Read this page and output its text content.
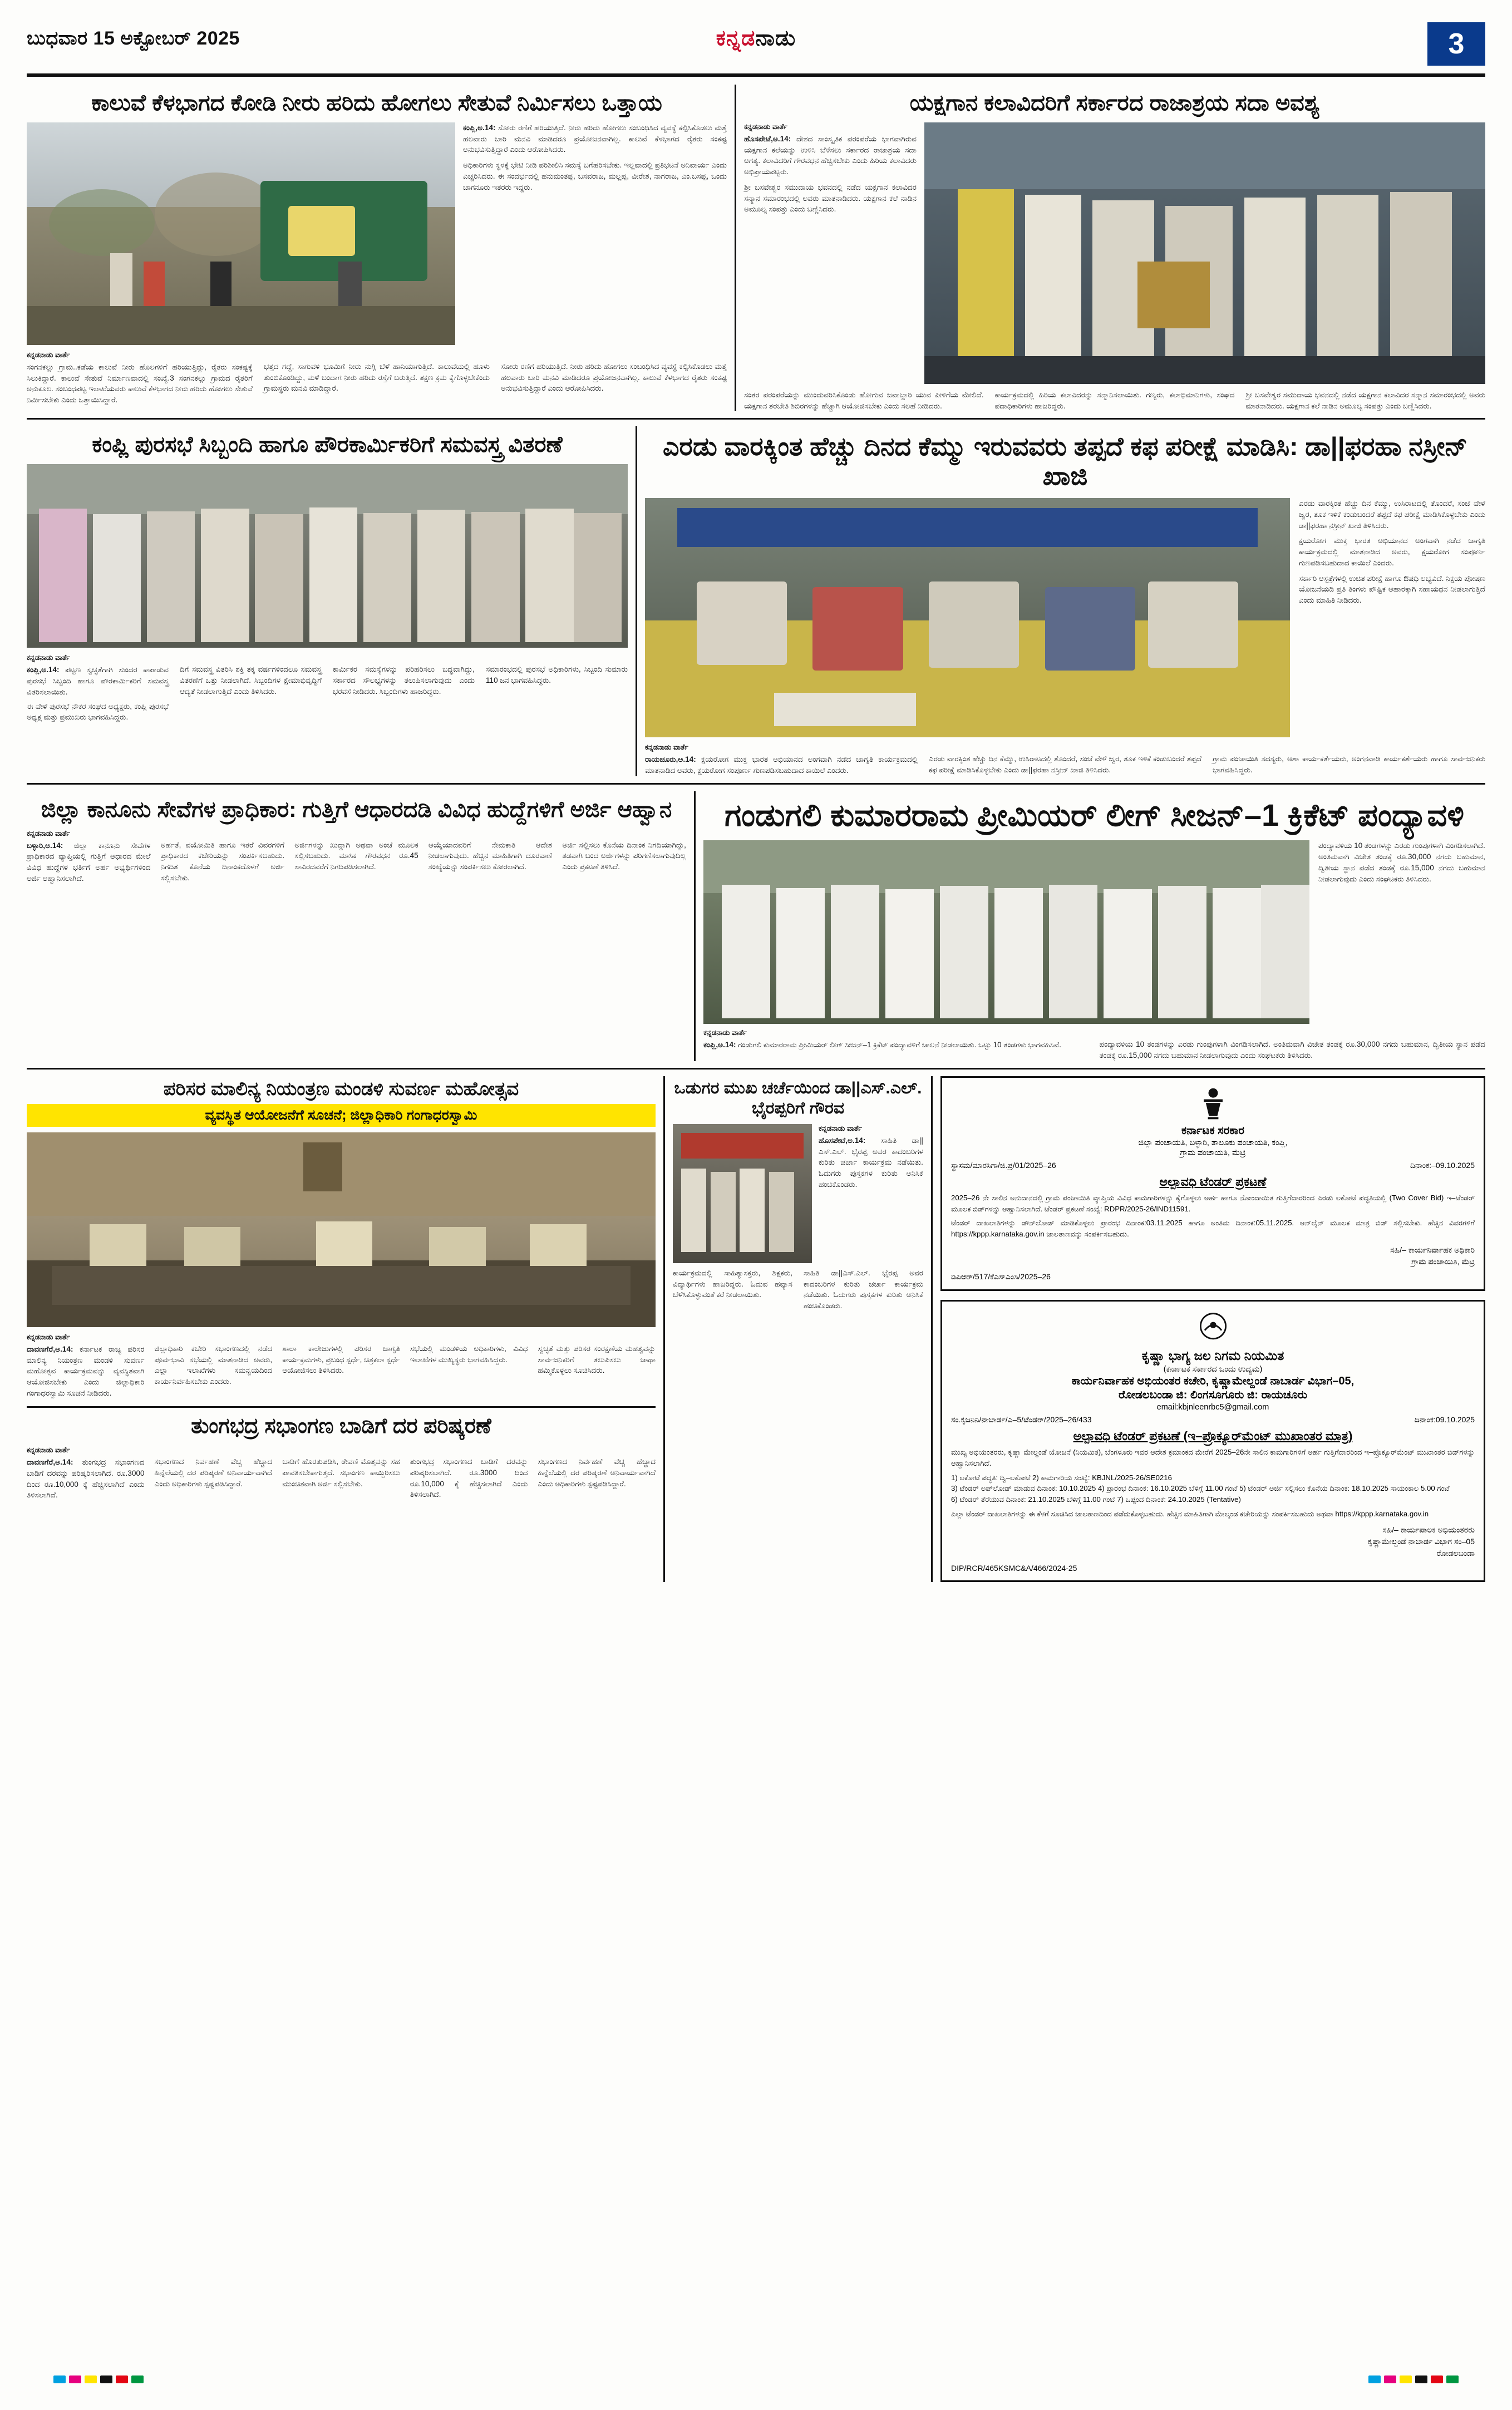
ಬುಧವಾರ 15 ಅಕ್ಟೋಬರ್ 2025	ಕನ್ನಡನಾಡು	3
ಕಾಲುವೆ ಕೆಳಭಾಗದ ಕೋಡಿ ನೀರು ಹರಿದು ಹೋಗಲು ಸೇತುವೆ ನಿರ್ಮಿಸಲು ಒತ್ತಾಯ
ಕಂಪ್ಲಿ,ಅ.14: ಸೋರು ರಣಿಗೆ ಹರಿಯುತ್ತಿದೆ. ನೀರು ಹರಿದು ಹೋಗಲು ಸಂಬಂಧಿಸಿದ ವ್ಯವಸ್ಥೆ ಕಲ್ಪಿಸಿಕೊಡಲು ಮತ್ತೆ ಹಲವಾರು ಬಾರಿ ಮನವಿ ಮಾಡಿದರೂ ಪ್ರಯೋಜನವಾಗಿಲ್ಲ. ಕಾಲುವೆ ಕೆಳಭಾಗದ ರೈತರು ಸಂಕಷ್ಟ ಅನುಭವಿಸುತ್ತಿದ್ದಾರೆ ಎಂದು ಆರೋಪಿಸಿದರು.
ಅಧಿಕಾರಿಗಳು ಸ್ಥಳಕ್ಕೆ ಭೇಟಿ ನೀಡಿ ಪರಿಶೀಲಿಸಿ ಸಮಸ್ಯೆ ಬಗೆಹರಿಸಬೇಕು. ಇಲ್ಲವಾದಲ್ಲಿ ಪ್ರತಿಭಟನೆ ಅನಿವಾರ್ಯ ಎಂದು ಎಚ್ಚರಿಸಿದರು. ಈ ಸಂದರ್ಭದಲ್ಲಿ ಹನುಮಂತಪ್ಪ, ಬಸವರಾಜ, ಮಲ್ಲಪ್ಪ, ವೀರೇಶ, ನಾಗರಾಜ, ಎಂ.ಬಸಪ್ಪ, ಒಂದು ಚಾಗನೂರು ಇತರರು ಇದ್ದರು.
ಕನ್ನಡನಾಡು ವಾರ್ತೆ
ಸಂಗನಕಲ್ಲು ಗ್ರಾಮ..ಕಡೆಯ ಕಾಲುವೆ ನೀರು ಹೊಲಗಳಿಗೆ ಹರಿಯುತ್ತಿದ್ದು, ರೈತರು ಸಂಕಷ್ಟಕ್ಕೆ ಸಿಲುಕಿದ್ದಾರೆ. ಕಾಲುವೆ ಸೇತುವೆ ನಿರ್ಮಾಣವಾದಲ್ಲಿ ಸಂಖ್ಯೆ.3 ಸಂಗನಕಲ್ಲು ಗ್ರಾಮದ ರೈತರಿಗೆ ಅನುಕೂಲ. ಸಂಬಂಧಪಟ್ಟ ಇಲಾಖೆಯವರು ಕಾಲುವೆ ಕೆಳಭಾಗದ ನೀರು ಹರಿದು ಹೋಗಲು ಸೇತುವೆ ನಿರ್ಮಿಸಬೇಕು ಎಂದು ಒತ್ತಾಯಿಸಿದ್ದಾರೆ.
ಭತ್ತದ ಗದ್ದೆ, ಸಾಗುವಳಿ ಭೂಮಿಗೆ ನೀರು ನುಗ್ಗಿ ಬೆಳೆ ಹಾನಿಯಾಗುತ್ತಿದೆ. ಕಾಲುವೆಯಲ್ಲಿ ಹೂಳು ತುಂಬಿಕೊಂಡಿದ್ದು, ಮಳೆ ಬಂದಾಗ ನೀರು ಹರಿದು ರಸ್ತೆಗೆ ಬರುತ್ತಿದೆ. ತಕ್ಷಣ ಕ್ರಮ ಕೈಗೊಳ್ಳಬೇಕೆಂದು ಗ್ರಾಮಸ್ಥರು ಮನವಿ ಮಾಡಿದ್ದಾರೆ.
ಸೋರು ರಣಿಗೆ ಹರಿಯುತ್ತಿದೆ. ನೀರು ಹರಿದು ಹೋಗಲು ಸಂಬಂಧಿಸಿದ ವ್ಯವಸ್ಥೆ ಕಲ್ಪಿಸಿಕೊಡಲು ಮತ್ತೆ ಹಲವಾರು ಬಾರಿ ಮನವಿ ಮಾಡಿದರೂ ಪ್ರಯೋಜನವಾಗಿಲ್ಲ. ಕಾಲುವೆ ಕೆಳಭಾಗದ ರೈತರು ಸಂಕಷ್ಟ ಅನುಭವಿಸುತ್ತಿದ್ದಾರೆ ಎಂದು ಆರೋಪಿಸಿದರು.
ಯಕ್ಷಗಾನ ಕಲಾವಿದರಿಗೆ ಸರ್ಕಾರದ ರಾಜಾಶ್ರಯ ಸದಾ ಅವಶ್ಯ
ಕನ್ನಡನಾಡು ವಾರ್ತೆ
ಹೊಸಪೇಟೆ,ಅ.14: ದೇಶದ ಸಾಂಸ್ಕೃತಿಕ ಪರಂಪರೆಯ ಭಾಗವಾಗಿರುವ ಯಕ್ಷಗಾನ ಕಲೆಯನ್ನು ಉಳಿಸಿ ಬೆಳೆಸಲು ಸರ್ಕಾರದ ರಾಜಾಶ್ರಯ ಸದಾ ಅಗತ್ಯ. ಕಲಾವಿದರಿಗೆ ಗೌರವಧನ ಹೆಚ್ಚಿಸಬೇಕು ಎಂದು ಹಿರಿಯ ಕಲಾವಿದರು ಅಭಿಪ್ರಾಯಪಟ್ಟರು.
ಶ್ರೀ ಬಸವೇಶ್ವರ ಸಮುದಾಯ ಭವನದಲ್ಲಿ ನಡೆದ ಯಕ್ಷಗಾನ ಕಲಾವಿದರ ಸನ್ಮಾನ ಸಮಾರಂಭದಲ್ಲಿ ಅವರು ಮಾತನಾಡಿದರು. ಯಕ್ಷಗಾನ ಕಲೆ ನಾಡಿನ ಅಮೂಲ್ಯ ಸಂಪತ್ತು ಎಂದು ಬಣ್ಣಿಸಿದರು.
ಸಂತರ ಪರಂಪರೆಯನ್ನು ಮುಂದುವರಿಸಿಕೊಂಡು ಹೋಗುವ ಜವಾಬ್ದಾರಿ ಯುವ ಪೀಳಿಗೆಯ ಮೇಲಿದೆ. ಯಕ್ಷಗಾನ ತರಬೇತಿ ಶಿಬಿರಗಳನ್ನು ಹೆಚ್ಚಾಗಿ ಆಯೋಜಿಸಬೇಕು ಎಂದು ಸಲಹೆ ನೀಡಿದರು.
ಕಾರ್ಯಕ್ರಮದಲ್ಲಿ ಹಿರಿಯ ಕಲಾವಿದರನ್ನು ಸನ್ಮಾನಿಸಲಾಯಿತು. ಗಣ್ಯರು, ಕಲಾಭಿಮಾನಿಗಳು, ಸಂಘದ ಪದಾಧಿಕಾರಿಗಳು ಹಾಜರಿದ್ದರು.
ಶ್ರೀ ಬಸವೇಶ್ವರ ಸಮುದಾಯ ಭವನದಲ್ಲಿ ನಡೆದ ಯಕ್ಷಗಾನ ಕಲಾವಿದರ ಸನ್ಮಾನ ಸಮಾರಂಭದಲ್ಲಿ ಅವರು ಮಾತನಾಡಿದರು. ಯಕ್ಷಗಾನ ಕಲೆ ನಾಡಿನ ಅಮೂಲ್ಯ ಸಂಪತ್ತು ಎಂದು ಬಣ್ಣಿಸಿದರು.
ಕಂಪ್ಲಿ ಪುರಸಭೆ ಸಿಬ್ಬಂದಿ ಹಾಗೂ ಪೌರಕಾರ್ಮಿಕರಿಗೆ ಸಮವಸ್ತ್ರ ವಿತರಣೆ
ಕನ್ನಡನಾಡು ವಾರ್ತೆ
ಕಂಪ್ಲಿ,ಅ.14: ಪಟ್ಟಣ ಸ್ವಚ್ಛತೆಗಾಗಿ ಸುಂದರ ಕಾಪಾಡುವ ಪುರಸಭೆ ಸಿಬ್ಬಂದಿ ಹಾಗೂ ಪೌರಕಾರ್ಮಿಕರಿಗೆ ಸಮವಸ್ತ್ರ ವಿತರಿಸಲಾಯಿತು.
ಈ ವೇಳೆ ಪುರಸಭೆ ನೌಕರ ಸಂಘದ ಅಧ್ಯಕ್ಷರು, ಕಂಪ್ಲಿ ಪುರಸಭೆ ಅಧ್ಯಕ್ಷ ಮತ್ತು ಪ್ರಮುಖರು ಭಾಗವಹಿಸಿದ್ದರು.
ದಿಗೆ ಸಮವಸ್ತ್ರ ವಿತರಿಸಿ ಶಕ್ತಿ ತಕ್ಕ ವರ್ಷಗಳಿಂದಲೂ ಸಮವಸ್ತ್ರ ವಿತರಣೆಗೆ ಒತ್ತು ನೀಡಲಾಗಿದೆ. ಸಿಬ್ಬಂದಿಗಳ ಕ್ಷೇಮಾಭಿವೃದ್ಧಿಗೆ ಆದ್ಯತೆ ನೀಡಲಾಗುತ್ತಿದೆ ಎಂದು ತಿಳಿಸಿದರು.
ಕಾರ್ಮಿಕರ ಸಮಸ್ಯೆಗಳನ್ನು ಪರಿಹರಿಸಲು ಬದ್ಧವಾಗಿದ್ದು, ಸರ್ಕಾರದ ಸೌಲಭ್ಯಗಳನ್ನು ತಲುಪಿಸಲಾಗುವುದು ಎಂದು ಭರವಸೆ ನೀಡಿದರು. ಸಿಬ್ಬಂದಿಗಳು ಹಾಜರಿದ್ದರು.
ಸಮಾರಂಭದಲ್ಲಿ ಪುರಸಭೆ ಅಧಿಕಾರಿಗಳು, ಸಿಬ್ಬಂದಿ ಸುಮಾರು 110 ಜನ ಭಾಗವಹಿಸಿದ್ದರು.
ಎರಡು ವಾರಕ್ಕಿಂತ ಹೆಚ್ಚು ದಿನದ ಕೆಮ್ಮು ಇರುವವರು ತಪ್ಪದೆ ಕಫ ಪರೀಕ್ಷೆ ಮಾಡಿಸಿ: ಡಾ||ಫರಹಾ ನಸ್ರೀನ್ ಖಾಜಿ
ಎರಡು ವಾರಕ್ಕಿಂತ ಹೆಚ್ಚು ದಿನ ಕೆಮ್ಮು, ಉಸಿರಾಟದಲ್ಲಿ ತೊಂದರೆ, ಸಂಜೆ ವೇಳೆ ಜ್ವರ, ತೂಕ ಇಳಿಕೆ ಕಂಡುಬಂದರೆ ತಪ್ಪದೆ ಕಫ ಪರೀಕ್ಷೆ ಮಾಡಿಸಿಕೊಳ್ಳಬೇಕು ಎಂದು ಡಾ||ಫರಹಾ ನಸ್ರೀನ್ ಖಾಜಿ ತಿಳಿಸಿದರು.
ಕ್ಷಯರೋಗ ಮುಕ್ತ ಭಾರತ ಅಭಿಯಾನದ ಅಂಗವಾಗಿ ನಡೆದ ಜಾಗೃತಿ ಕಾರ್ಯಕ್ರಮದಲ್ಲಿ ಮಾತನಾಡಿದ ಅವರು, ಕ್ಷಯರೋಗ ಸಂಪೂರ್ಣ ಗುಣಪಡಿಸಬಹುದಾದ ಕಾಯಿಲೆ ಎಂದರು.
ಸರ್ಕಾರಿ ಆಸ್ಪತ್ರೆಗಳಲ್ಲಿ ಉಚಿತ ಪರೀಕ್ಷೆ ಹಾಗೂ ಔಷಧಿ ಲಭ್ಯವಿದೆ. ನಿಕ್ಷಯ ಪೋಷಣ ಯೋಜನೆಯಡಿ ಪ್ರತಿ ತಿಂಗಳು ಪೌಷ್ಟಿಕ ಆಹಾರಕ್ಕಾಗಿ ಸಹಾಯಧನ ನೀಡಲಾಗುತ್ತಿದೆ ಎಂದು ಮಾಹಿತಿ ನೀಡಿದರು.
ಕನ್ನಡನಾಡು ವಾರ್ತೆ
ರಾಯಚೂರು,ಅ.14: ಕ್ಷಯರೋಗ ಮುಕ್ತ ಭಾರತ ಅಭಿಯಾನದ ಅಂಗವಾಗಿ ನಡೆದ ಜಾಗೃತಿ ಕಾರ್ಯಕ್ರಮದಲ್ಲಿ ಮಾತನಾಡಿದ ಅವರು, ಕ್ಷಯರೋಗ ಸಂಪೂರ್ಣ ಗುಣಪಡಿಸಬಹುದಾದ ಕಾಯಿಲೆ ಎಂದರು.
ಎರಡು ವಾರಕ್ಕಿಂತ ಹೆಚ್ಚು ದಿನ ಕೆಮ್ಮು, ಉಸಿರಾಟದಲ್ಲಿ ತೊಂದರೆ, ಸಂಜೆ ವೇಳೆ ಜ್ವರ, ತೂಕ ಇಳಿಕೆ ಕಂಡುಬಂದರೆ ತಪ್ಪದೆ ಕಫ ಪರೀಕ್ಷೆ ಮಾಡಿಸಿಕೊಳ್ಳಬೇಕು ಎಂದು ಡಾ||ಫರಹಾ ನಸ್ರೀನ್ ಖಾಜಿ ತಿಳಿಸಿದರು.
ಗ್ರಾಮ ಪಂಚಾಯಿತಿ ಸದಸ್ಯರು, ಆಶಾ ಕಾರ್ಯಕರ್ತೆಯರು, ಅಂಗನವಾಡಿ ಕಾರ್ಯಕರ್ತೆಯರು ಹಾಗೂ ಸಾರ್ವಜನಿಕರು ಭಾಗವಹಿಸಿದ್ದರು.
ಜಿಲ್ಲಾ ಕಾನೂನು ಸೇವೆಗಳ ಪ್ರಾಧಿಕಾರ: ಗುತ್ತಿಗೆ ಆಧಾರದಡಿ ವಿವಿಧ ಹುದ್ದೆಗಳಿಗೆ ಅರ್ಜಿ ಆಹ್ವಾನ
ಕನ್ನಡನಾಡು ವಾರ್ತೆ
ಬಳ್ಳಾರಿ,ಅ.14: ಜಿಲ್ಲಾ ಕಾನೂನು ಸೇವೆಗಳ ಪ್ರಾಧಿಕಾರದ ವ್ಯಾಪ್ತಿಯಲ್ಲಿ ಗುತ್ತಿಗೆ ಆಧಾರದ ಮೇಲೆ ವಿವಿಧ ಹುದ್ದೆಗಳ ಭರ್ತಿಗೆ ಅರ್ಹ ಅಭ್ಯರ್ಥಿಗಳಿಂದ ಅರ್ಜಿ ಆಹ್ವಾನಿಸಲಾಗಿದೆ.
ಅರ್ಹತೆ, ವಯೋಮಿತಿ ಹಾಗೂ ಇತರೆ ವಿವರಗಳಿಗೆ ಪ್ರಾಧಿಕಾರದ ಕಚೇರಿಯನ್ನು ಸಂಪರ್ಕಿಸಬಹುದು. ನಿಗದಿತ ಕೊನೆಯ ದಿನಾಂಕದೊಳಗೆ ಅರ್ಜಿ ಸಲ್ಲಿಸಬೇಕು.
ಅರ್ಜಿಗಳನ್ನು ಖುದ್ದಾಗಿ ಅಥವಾ ಅಂಚೆ ಮೂಲಕ ಸಲ್ಲಿಸಬಹುದು. ಮಾಸಿಕ ಗೌರವಧನ ರೂ.45 ಸಾವಿರದವರೆಗೆ ನಿಗದಿಪಡಿಸಲಾಗಿದೆ.
ಆಯ್ಕೆಯಾದವರಿಗೆ ನೇಮಕಾತಿ ಆದೇಶ ನೀಡಲಾಗುವುದು. ಹೆಚ್ಚಿನ ಮಾಹಿತಿಗಾಗಿ ದೂರವಾಣಿ ಸಂಖ್ಯೆಯನ್ನು ಸಂಪರ್ಕಿಸಲು ಕೋರಲಾಗಿದೆ.
ಅರ್ಜಿ ಸಲ್ಲಿಸಲು ಕೊನೆಯ ದಿನಾಂಕ ನಿಗದಿಯಾಗಿದ್ದು, ತಡವಾಗಿ ಬಂದ ಅರ್ಜಿಗಳನ್ನು ಪರಿಗಣಿಸಲಾಗುವುದಿಲ್ಲ ಎಂದು ಪ್ರಕಟಣೆ ತಿಳಿಸಿದೆ.
ಗಂಡುಗಲಿ ಕುಮಾರರಾಮ ಪ್ರೀಮಿಯರ್ ಲೀಗ್ ಸೀಜನ್–1 ಕ್ರಿಕೆಟ್ ಪಂದ್ಯಾವಳಿ
ಪಂದ್ಯಾವಳಿಯ 10 ತಂಡಗಳನ್ನು ಎರಡು ಗುಂಪುಗಳಾಗಿ ವಿಂಗಡಿಸಲಾಗಿದೆ. ಅಂತಿಮವಾಗಿ ವಿಜೇತ ತಂಡಕ್ಕೆ ರೂ.30,000 ನಗದು ಬಹುಮಾನ, ದ್ವಿತೀಯ ಸ್ಥಾನ ಪಡೆದ ತಂಡಕ್ಕೆ ರೂ.15,000 ನಗದು ಬಹುಮಾನ ನೀಡಲಾಗುವುದು ಎಂದು ಸಂಘಟಕರು ತಿಳಿಸಿದರು.
ಕನ್ನಡನಾಡು ವಾರ್ತೆ
ಕಂಪ್ಲಿ,ಅ.14: ಗಂಡುಗಲಿ ಕುಮಾರರಾಮ ಪ್ರೀಮಿಯರ್ ಲೀಗ್ ಸೀಜನ್–1 ಕ್ರಿಕೆಟ್ ಪಂದ್ಯಾವಳಿಗೆ ಚಾಲನೆ ನೀಡಲಾಯಿತು. ಒಟ್ಟು 10 ತಂಡಗಳು ಭಾಗವಹಿಸಿವೆ.	ಪಂದ್ಯಾವಳಿಯ 10 ತಂಡಗಳನ್ನು ಎರಡು ಗುಂಪುಗಳಾಗಿ ವಿಂಗಡಿಸಲಾಗಿದೆ. ಅಂತಿಮವಾಗಿ ವಿಜೇತ ತಂಡಕ್ಕೆ ರೂ.30,000 ನಗದು ಬಹುಮಾನ, ದ್ವಿತೀಯ ಸ್ಥಾನ ಪಡೆದ ತಂಡಕ್ಕೆ ರೂ.15,000 ನಗದು ಬಹುಮಾನ ನೀಡಲಾಗುವುದು ಎಂದು ಸಂಘಟಕರು ತಿಳಿಸಿದರು.
ಪರಿಸರ ಮಾಲಿನ್ಯ ನಿಯಂತ್ರಣ ಮಂಡಳಿ ಸುವರ್ಣ ಮಹೋತ್ಸವ
ವ್ಯವಸ್ಥಿತ ಆಯೋಜನೆಗೆ ಸೂಚನೆ; ಜಿಲ್ಲಾಧಿಕಾರಿ ಗಂಗಾಧರಸ್ವಾಮಿ
ಕನ್ನಡನಾಡು ವಾರ್ತೆ
ದಾವಣಗೆರೆ,ಅ.14: ಕರ್ನಾಟಕ ರಾಜ್ಯ ಪರಿಸರ ಮಾಲಿನ್ಯ ನಿಯಂತ್ರಣ ಮಂಡಳಿ ಸುವರ್ಣ ಮಹೋತ್ಸವ ಕಾರ್ಯಕ್ರಮವನ್ನು ವ್ಯವಸ್ಥಿತವಾಗಿ ಆಯೋಜಿಸಬೇಕು ಎಂದು ಜಿಲ್ಲಾಧಿಕಾರಿ ಗಂಗಾಧರಸ್ವಾಮಿ ಸೂಚನೆ ನೀಡಿದರು.
ಜಿಲ್ಲಾಧಿಕಾರಿ ಕಚೇರಿ ಸಭಾಂಗಣದಲ್ಲಿ ನಡೆದ ಪೂರ್ವಭಾವಿ ಸಭೆಯಲ್ಲಿ ಮಾತನಾಡಿದ ಅವರು, ಎಲ್ಲಾ ಇಲಾಖೆಗಳು ಸಮನ್ವಯದಿಂದ ಕಾರ್ಯನಿರ್ವಹಿಸಬೇಕು ಎಂದರು.
ಶಾಲಾ ಕಾಲೇಜುಗಳಲ್ಲಿ ಪರಿಸರ ಜಾಗೃತಿ ಕಾರ್ಯಕ್ರಮಗಳು, ಪ್ರಬಂಧ ಸ್ಪರ್ಧೆ, ಚಿತ್ರಕಲಾ ಸ್ಪರ್ಧೆ ಆಯೋಜಿಸಲು ತಿಳಿಸಿದರು.
ಸಭೆಯಲ್ಲಿ ಮಂಡಳಿಯ ಅಧಿಕಾರಿಗಳು, ವಿವಿಧ ಇಲಾಖೆಗಳ ಮುಖ್ಯಸ್ಥರು ಭಾಗವಹಿಸಿದ್ದರು.
ಸ್ವಚ್ಛತೆ ಮತ್ತು ಪರಿಸರ ಸಂರಕ್ಷಣೆಯ ಮಹತ್ವವನ್ನು ಸಾರ್ವಜನಿಕರಿಗೆ ತಲುಪಿಸಲು ಜಾಥಾ ಹಮ್ಮಿಕೊಳ್ಳಲು ಸೂಚಿಸಿದರು.
ತುಂಗಭದ್ರ ಸಭಾಂಗಣ ಬಾಡಿಗೆ ದರ ಪರಿಷ್ಕರಣೆ
ಕನ್ನಡನಾಡು ವಾರ್ತೆ
ದಾವಣಗೆರೆ,ಅ.14: ತುಂಗಭದ್ರ ಸಭಾಂಗಣದ ಬಾಡಿಗೆ ದರವನ್ನು ಪರಿಷ್ಕರಿಸಲಾಗಿದೆ. ರೂ.3000 ದಿಂದ ರೂ.10,000 ಕ್ಕೆ ಹೆಚ್ಚಿಸಲಾಗಿದೆ ಎಂದು ತಿಳಿಸಲಾಗಿದೆ.
ಸಭಾಂಗಣದ ನಿರ್ವಹಣೆ ವೆಚ್ಚ ಹೆಚ್ಚಾದ ಹಿನ್ನೆಲೆಯಲ್ಲಿ ದರ ಪರಿಷ್ಕರಣೆ ಅನಿವಾರ್ಯವಾಗಿದೆ ಎಂದು ಅಧಿಕಾರಿಗಳು ಸ್ಪಷ್ಟಪಡಿಸಿದ್ದಾರೆ.
ಬಾಡಿಗೆ ಹೊರತುಪಡಿಸಿ, ಠೇವಣಿ ಮೊತ್ತವನ್ನು ಸಹ ಪಾವತಿಸಬೇಕಾಗುತ್ತದೆ. ಸಭಾಂಗಣ ಕಾಯ್ದಿರಿಸಲು ಮುಂಚಿತವಾಗಿ ಅರ್ಜಿ ಸಲ್ಲಿಸಬೇಕು.
ತುಂಗಭದ್ರ ಸಭಾಂಗಣದ ಬಾಡಿಗೆ ದರವನ್ನು ಪರಿಷ್ಕರಿಸಲಾಗಿದೆ. ರೂ.3000 ದಿಂದ ರೂ.10,000 ಕ್ಕೆ ಹೆಚ್ಚಿಸಲಾಗಿದೆ ಎಂದು ತಿಳಿಸಲಾಗಿದೆ.
ಸಭಾಂಗಣದ ನಿರ್ವಹಣೆ ವೆಚ್ಚ ಹೆಚ್ಚಾದ ಹಿನ್ನೆಲೆಯಲ್ಲಿ ದರ ಪರಿಷ್ಕರಣೆ ಅನಿವಾರ್ಯವಾಗಿದೆ ಎಂದು ಅಧಿಕಾರಿಗಳು ಸ್ಪಷ್ಟಪಡಿಸಿದ್ದಾರೆ.
ಒಡುಗರ ಮುಖ ಚರ್ಚೆಯಿಂದ ಡಾ||ಎಸ್.ಎಲ್. ಭೈರಪ್ಪರಿಗೆ ಗೌರವ
ಕನ್ನಡನಾಡು ವಾರ್ತೆ
ಹೊಸಪೇಟೆ,ಅ.14: ಸಾಹಿತಿ ಡಾ||ಎಸ್.ಎಲ್. ಭೈರಪ್ಪ ಅವರ ಕಾದಂಬರಿಗಳ ಕುರಿತು ಚರ್ಚಾ ಕಾರ್ಯಕ್ರಮ ನಡೆಯಿತು. ಓದುಗರು ಪುಸ್ತಕಗಳ ಕುರಿತು ಅನಿಸಿಕೆ ಹಂಚಿಕೊಂಡರು.
ಕಾರ್ಯಕ್ರಮದಲ್ಲಿ ಸಾಹಿತ್ಯಾಸಕ್ತರು, ಶಿಕ್ಷಕರು, ವಿದ್ಯಾರ್ಥಿಗಳು ಹಾಜರಿದ್ದರು. ಓದುವ ಹವ್ಯಾಸ ಬೆಳೆಸಿಕೊಳ್ಳುವಂತೆ ಕರೆ ನೀಡಲಾಯಿತು.
ಸಾಹಿತಿ ಡಾ||ಎಸ್.ಎಲ್. ಭೈರಪ್ಪ ಅವರ ಕಾದಂಬರಿಗಳ ಕುರಿತು ಚರ್ಚಾ ಕಾರ್ಯಕ್ರಮ ನಡೆಯಿತು. ಓದುಗರು ಪುಸ್ತಕಗಳ ಕುರಿತು ಅನಿಸಿಕೆ ಹಂಚಿಕೊಂಡರು.
ಕರ್ನಾಟಕ ಸರಕಾರ
ಜಿಲ್ಲಾ ಪಂಚಾಯತಿ, ಬಳ್ಳಾರಿ, ತಾಲೂಕು ಪಂಚಾಯತಿ, ಕಂಪ್ಲಿ,
ಗ್ರಾಮ ಪಂಚಾಯತಿ, ಮೆಟ್ರಿ
ಸ್ಥಾಸಮ/ಮಾರಸಿಗಾ/ಜಿ.ಪ್ರ/01/2025–26	ದಿನಾಂಕ:–09.10.2025
ಅಲ್ಪಾವಧಿ ಟೆಂಡರ್ ಪ್ರಕಟಣೆ
2025–26 ನೇ ಸಾಲಿನ ಅನುದಾನದಲ್ಲಿ ಗ್ರಾಮ ಪಂಚಾಯಿತಿ ವ್ಯಾಪ್ತಿಯ ವಿವಿಧ ಕಾಮಗಾರಿಗಳನ್ನು ಕೈಗೊಳ್ಳಲು ಅರ್ಹ ಹಾಗೂ ನೋಂದಾಯಿತ ಗುತ್ತಿಗೆದಾರರಿಂದ ಎರಡು ಲಕೋಟೆ ಪದ್ಧತಿಯಲ್ಲಿ (Two Cover Bid) ಇ–ಟೆಂಡರ್ ಮೂಲಕ ಬಿಡ್‌ಗಳನ್ನು ಆಹ್ವಾನಿಸಲಾಗಿದೆ. ಟೆಂಡರ್ ಪ್ರಕಟಣೆ ಸಂಖ್ಯೆ: RDPR/2025-26/IND11591.
ಟೆಂಡರ್ ದಾಖಲಾತಿಗಳನ್ನು ಡೌನ್‌ಲೋಡ್ ಮಾಡಿಕೊಳ್ಳಲು ಪ್ರಾರಂಭ ದಿನಾಂಕ:03.11.2025 ಹಾಗೂ ಅಂತಿಮ ದಿನಾಂಕ:05.11.2025. ಆನ್‌ಲೈನ್ ಮೂಲಕ ಮಾತ್ರ ಬಿಡ್ ಸಲ್ಲಿಸಬೇಕು. ಹೆಚ್ಚಿನ ವಿವರಗಳಿಗೆ https://kppp.karnataka.gov.in ಜಾಲತಾಣವನ್ನು ಸಂಪರ್ಕಿಸಬಹುದು.
ಸಹಿ/– ಕಾರ್ಯನಿರ್ವಾಹಕ ಅಧಿಕಾರಿ
ಗ್ರಾಮ ಪಂಚಾಯಿತಿ, ಮೆಟ್ರಿ
ಡಿಪಿಆರ್/517/ಕೆಎಸ್‌ಎಂಸಿ/2025–26
ಕೃಷ್ಣಾ ಭಾಗ್ಯ ಜಲ ನಿಗಮ ನಿಯಮಿತ
(ಕರ್ನಾಟಕ ಸರ್ಕಾರದ ಒಂದು ಉದ್ಯಮ)
ಕಾರ್ಯನಿರ್ವಾಹಕ ಅಭಿಯಂತರ ಕಚೇರಿ, ಕೃಷ್ಣಾಮೇಲ್ದಂಡೆ ನಾಬಾರ್ಡ ವಿಭಾಗ–05,
ರೋಡಲಬಂಡಾ ಜಿ: ಲಿಂಗಸೂಗೂರು ಜಿ: ರಾಯಚೂರು
email:kbjnleenrbc5@gmail.com
ಸಂ.ಕೃಜನಿನಿ/ನಾಬಾರ್ಡ/ಎ–5/ಟೆಂಡರ್/2025–26/433	ದಿನಾಂಕ:09.10.2025
ಅಲ್ಪಾವಧಿ ಟೆಂಡರ್ ಪ್ರಕಟಣೆ (ಇ–ಪ್ರೊಕ್ಯೂರ್‌ಮೆಂಟ್ ಮುಖಾಂತರ ಮಾತ್ರ)
ಮುಖ್ಯ ಅಭಿಯಂತರರು, ಕೃಷ್ಣಾ ಮೇಲ್ದಂಡೆ ಯೋಜನೆ (ನಿಯಮಿತ), ಬೆಂಗಳೂರು ಇವರ ಆದೇಶ ಕ್ರಮಾಂಕದ ಮೇರೆಗೆ 2025–26ನೇ ಸಾಲಿನ ಕಾಮಗಾರಿಗಳಿಗೆ ಅರ್ಹ ಗುತ್ತಿಗೆದಾರರಿಂದ ಇ–ಪ್ರೊಕ್ಯೂರ್‌ಮೆಂಟ್ ಮುಖಾಂತರ ಬಿಡ್‌ಗಳನ್ನು ಆಹ್ವಾನಿಸಲಾಗಿದೆ.
1) ಲಕೋಟೆ ಪದ್ಧತಿ: ದ್ವಿ–ಲಕೋಟೆ 2) ಕಾಮಗಾರಿಯ ಸಂಖ್ಯೆ: KBJNL/2025-26/SE0216
3) ಟೆಂಡರ್ ಅಪ್‌ಲೋಡ್ ಮಾಡುವ ದಿನಾಂಕ: 10.10.2025 4) ಪ್ರಾರಂಭ ದಿನಾಂಕ: 16.10.2025 ಬೆಳಿಗ್ಗೆ 11.00 ಗಂಟೆ 5) ಟೆಂಡರ್ ಅರ್ಜಿ ಸಲ್ಲಿಸಲು ಕೊನೆಯ ದಿನಾಂಕ: 18.10.2025 ಸಾಯಂಕಾಲ 5.00 ಗಂಟೆ
6) ಟೆಂಡರ್ ತೆರೆಯುವ ದಿನಾಂಕ: 21.10.2025 ಬೆಳಿಗ್ಗೆ 11.00 ಗಂಟೆ 7) ಒಪ್ಪಂದ ದಿನಾಂಕ: 24.10.2025 (Tentative)
ಎಲ್ಲಾ ಟೆಂಡರ್ ದಾಖಲಾತಿಗಳನ್ನು ಈ ಕೆಳಗೆ ಸೂಚಿಸಿದ ಜಾಲತಾಣದಿಂದ ಪಡೆದುಕೊಳ್ಳಬಹುದು. ಹೆಚ್ಚಿನ ಮಾಹಿತಿಗಾಗಿ ಮೇಲ್ಕಂಡ ಕಚೇರಿಯನ್ನು ಸಂಪರ್ಕಿಸಬಹುದು ಅಥವಾ https://kppp.karnataka.gov.in
ಸಹಿ/– ಕಾರ್ಯಪಾಲಕ ಅಭಿಯಂತರರು
ಕೃಷ್ಣಾಮೇಲ್ದಂಡೆ ನಾಬಾರ್ಡ ವಿಭಾಗ ಸಂ–05
ರೋಡಲಬಂಡಾ
DIP/RCR/465KSMC&A/466/2024-25
